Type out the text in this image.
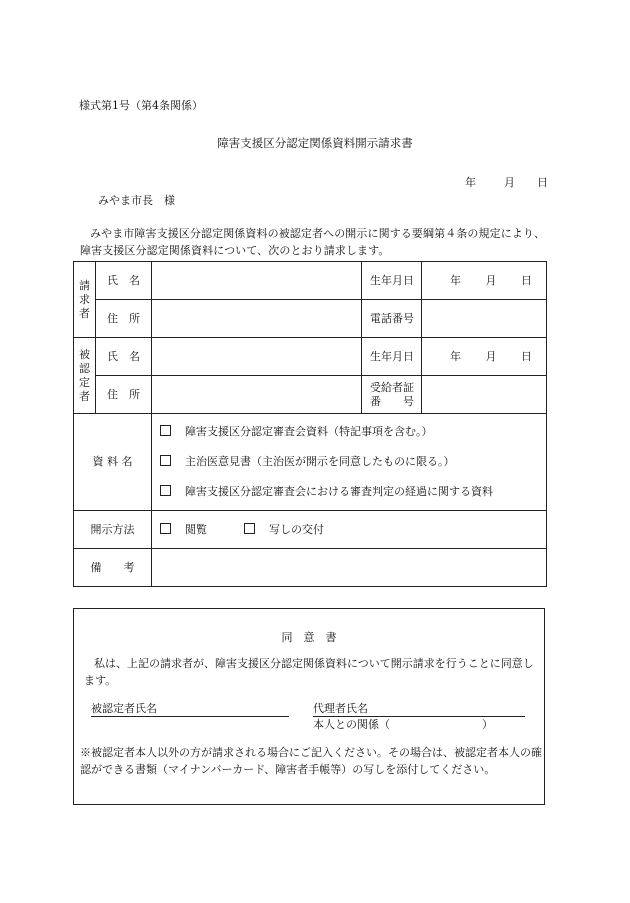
様式第1号（第4条関係）
障害支援区分認定関係資料開示請求書
年	月 日
みやま市長　様
みやま市障害支援区分認定関係資料の被認定者への開示に関する要綱第４条の規定により、障害支援区分認定関係資料について、次のとおり請求します。
請
求
者	氏　名		生年月日	年 月 日

	住　所		電話番号	

被
認
定
者	氏　名		生年月日	年 月 日

	住　所		受給者証
番　　号	

資 料 名		障害支援区分認定審査会資料（特記事項を含む。）
主治医意見書（主治医が開示を同意したものに限る。）
障害支援区分認定審査会における審査判定の経過に関する資料		

開示方法		閲覧 写しの交付		
備　　考				
同　意　書
私は、上記の請求者が、障害支援区分認定関係資料について開示請求を行うことに同意します。
被認定者氏名	代理者氏名
本人との関係（	）
※被認定者本人以外の方が請求される場合にご記入ください。その場合は、被認定者本人の確認ができる書類（マイナンバーカード、障害者手帳等）の写しを添付してください。
